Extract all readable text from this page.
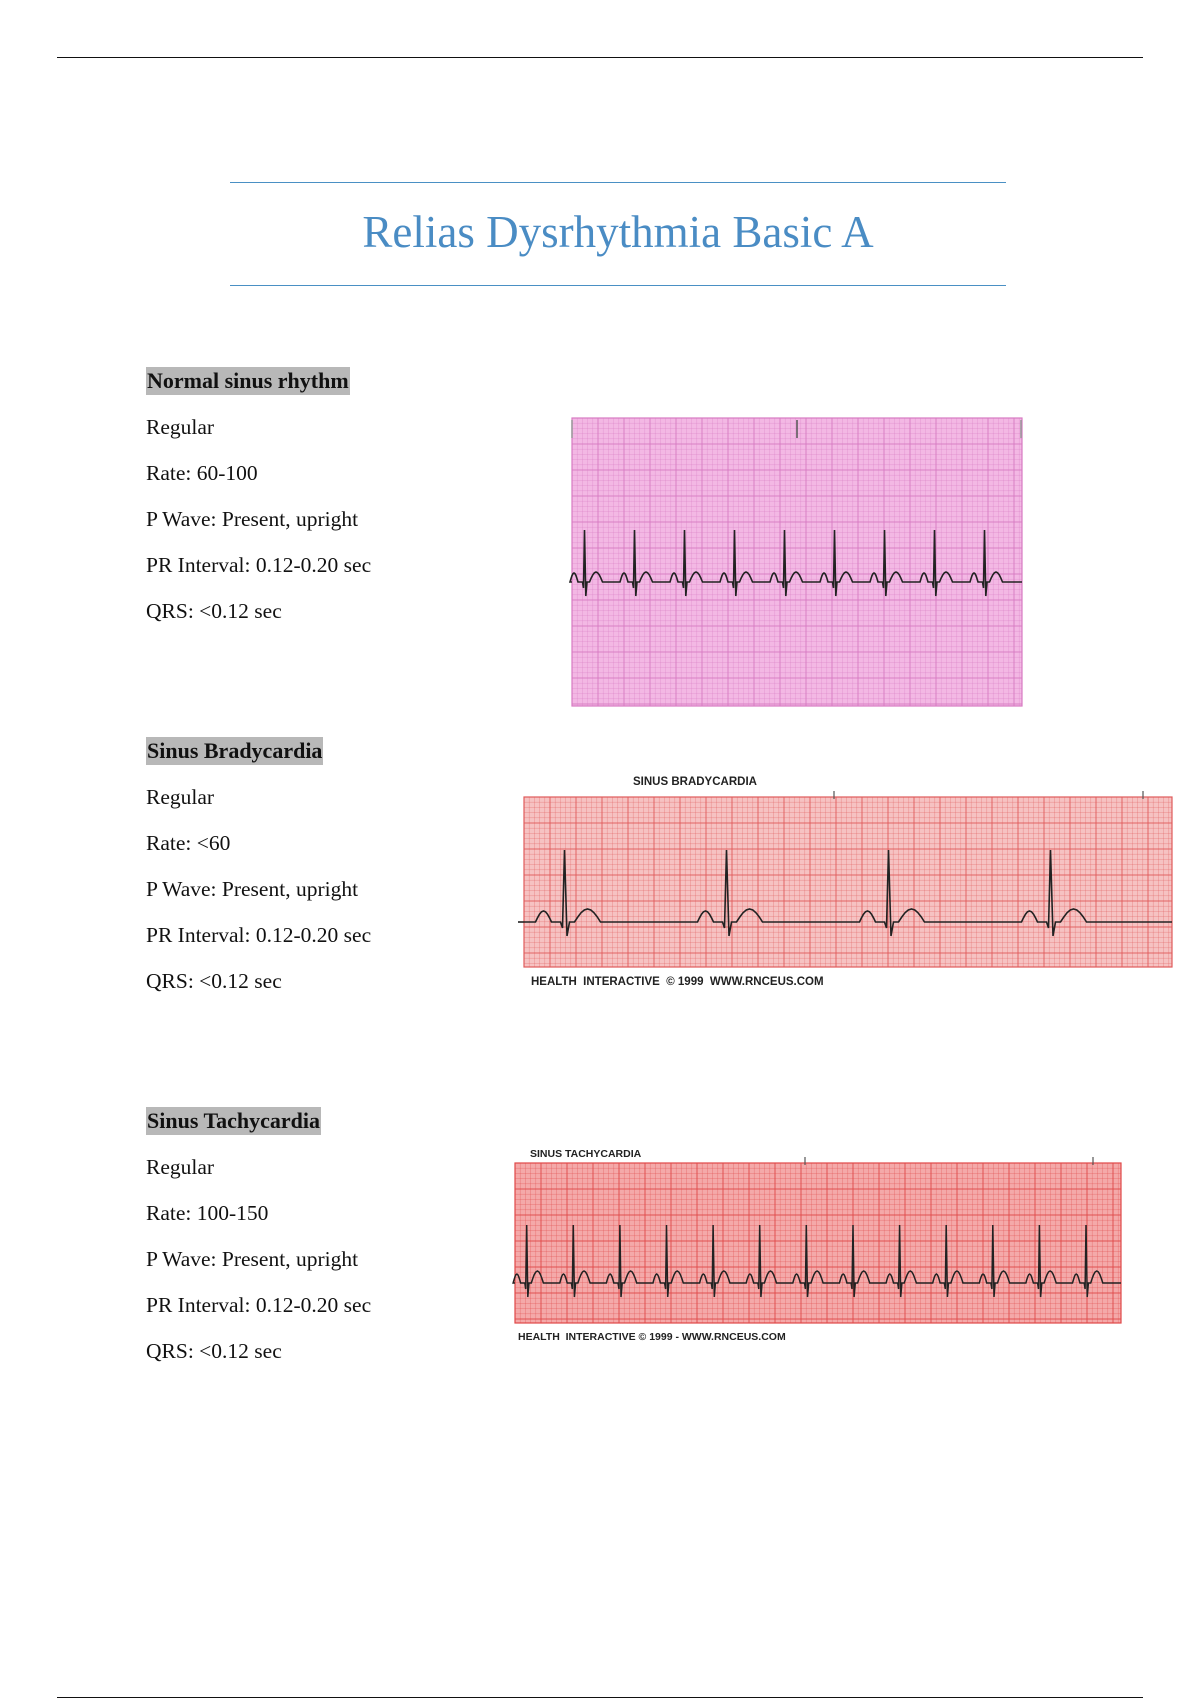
Relias Dysrhythmia Basic A
Normal sinus rhythm
Regular
Rate: 60-100
P Wave: Present, upright
PR Interval: 0.12-0.20 sec
QRS: <0.12 sec
Sinus Bradycardia
Regular
Rate: <60
P Wave: Present, upright
PR Interval: 0.12-0.20 sec
QRS: <0.12 sec
SINUS BRADYCARDIA
HEALTH  INTERACTIVE  © 1999  WWW.RNCEUS.COM
Sinus Tachycardia
Regular
Rate: 100-150
P Wave: Present, upright
PR Interval: 0.12-0.20 sec
QRS: <0.12 sec
SINUS TACHYCARDIA
HEALTH  INTERACTIVE © 1999 - WWW.RNCEUS.COM
